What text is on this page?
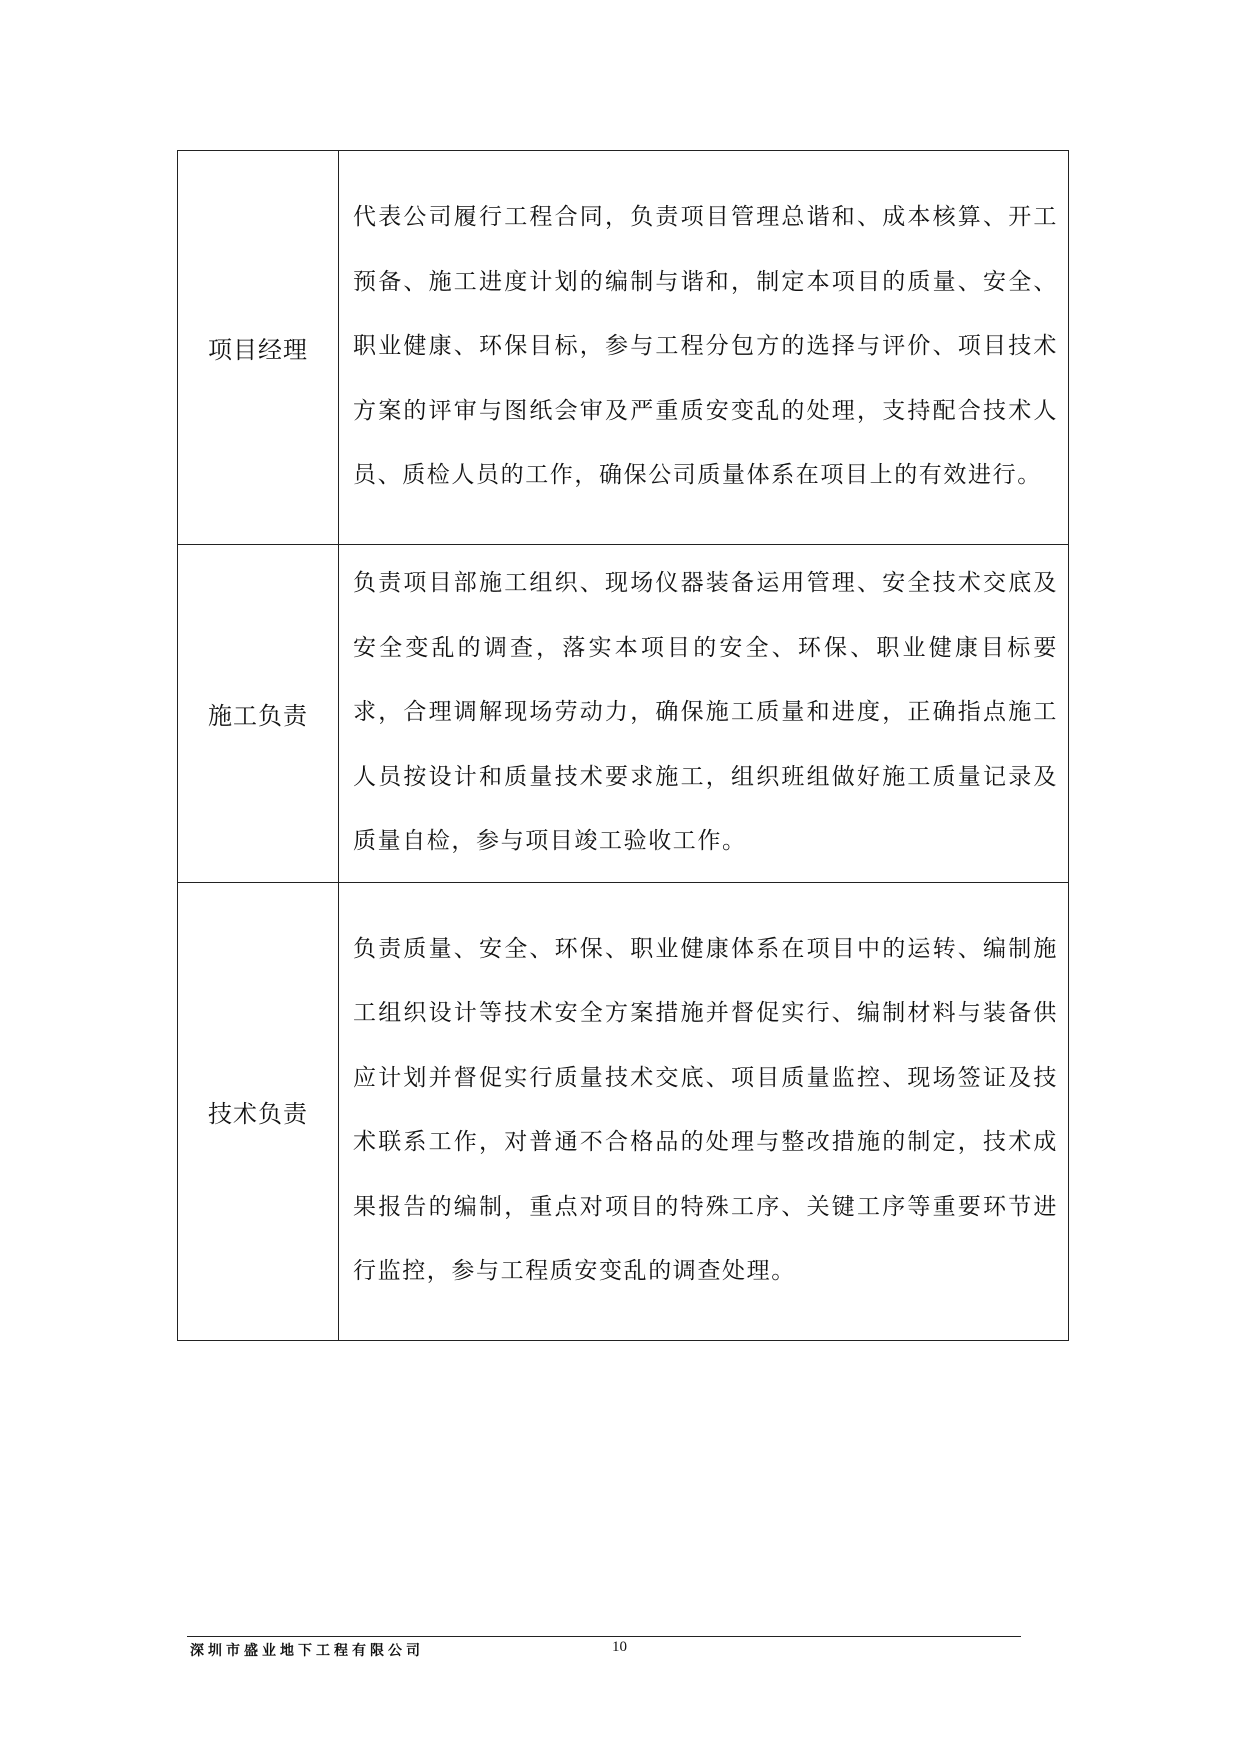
项目经理	代表公司履行工程合同，负责项目管理总谐和、成本核算、开工预备、施工进度计划的编制与谐和，制定本项目的质量、安全、职业健康、环保目标，参与工程分包方的选择与评价、项目技术方案的评审与图纸会审及严重质安变乱的处理，支持配合技术人员、质检人员的工作，确保公司质量体系在项目上的有效进行。

施工负责	负责项目部施工组织、现场仪器装备运用管理、安全技术交底及安全变乱的调查，落实本项目的安全、环保、职业健康目标要求，合理调解现场劳动力，确保施工质量和进度，正确指点施工人员按设计和质量技术要求施工，组织班组做好施工质量记录及质量自检，参与项目竣工验收工作。

技术负责	负责质量、安全、环保、职业健康体系在项目中的运转、编制施工组织设计等技术安全方案措施并督促实行、编制材料与装备供应计划并督促实行质量技术交底、项目质量监控、现场签证及技术联系工作，对普通不合格品的处理与整改措施的制定，技术成果报告的编制，重点对项目的特殊工序、关键工序等重要环节进行监控，参与工程质安变乱的调查处理。

深圳市盛业地下工程有限公司	10
